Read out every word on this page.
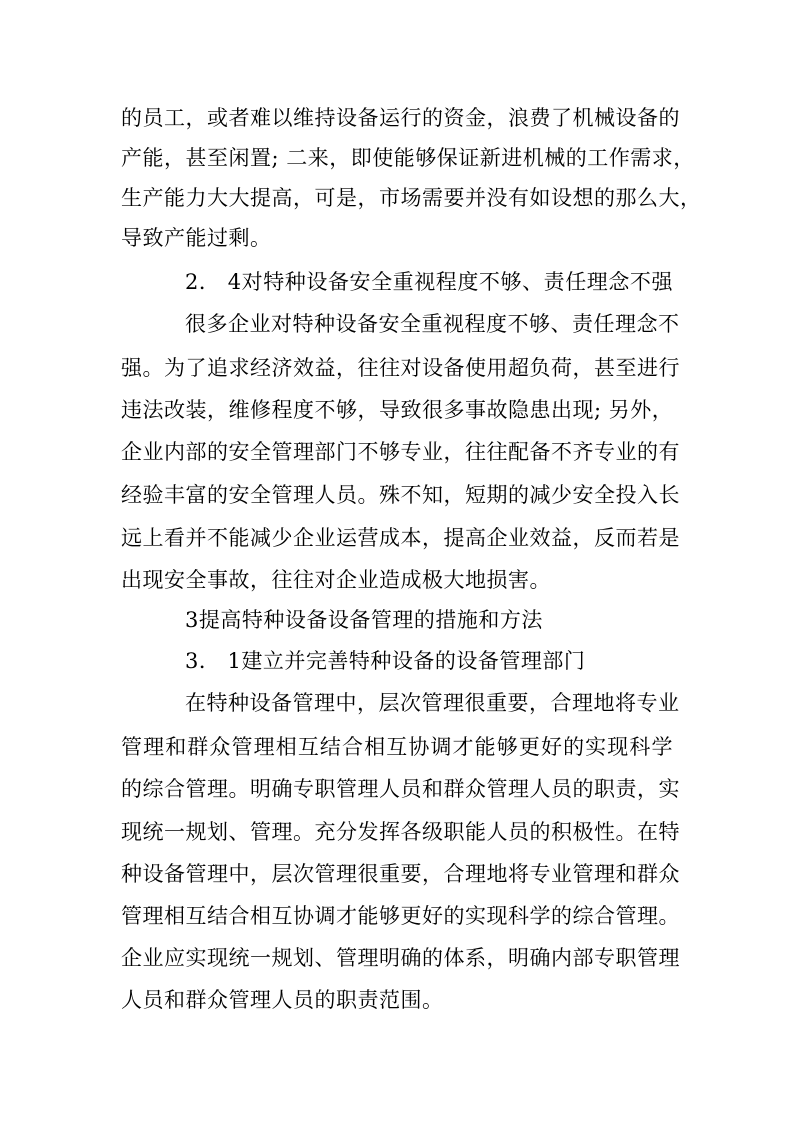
的员工，或者难以维持设备运行的资金，浪费了机械设备的
产能，甚至闲置; 二来，即使能够保证新进机械的工作需求，
生产能力大大提高，可是，市场需要并没有如设想的那么大，
导致产能过剩。
2． 4对特种设备安全重视程度不够、责任理念不强
很多企业对特种设备安全重视程度不够、责任理念不
强。为了追求经济效益，往往对设备使用超负荷，甚至进行
违法改装，维修程度不够，导致很多事故隐患出现; 另外，
企业内部的安全管理部门不够专业，往往配备不齐专业的有
经验丰富的安全管理人员。殊不知，短期的减少安全投入长
远上看并不能减少企业运营成本，提高企业效益，反而若是
出现安全事故，往往对企业造成极大地损害。
3提高特种设备设备管理的措施和方法
3． 1建立并完善特种设备的设备管理部门
在特种设备管理中，层次管理很重要，合理地将专业
管理和群众管理相互结合相互协调才能够更好的实现科学
的综合管理。明确专职管理人员和群众管理人员的职责，实
现统一规划、管理。充分发挥各级职能人员的积极性。在特
种设备管理中，层次管理很重要，合理地将专业管理和群众
管理相互结合相互协调才能够更好的实现科学的综合管理。
企业应实现统一规划、管理明确的体系，明确内部专职管理
人员和群众管理人员的职责范围。
